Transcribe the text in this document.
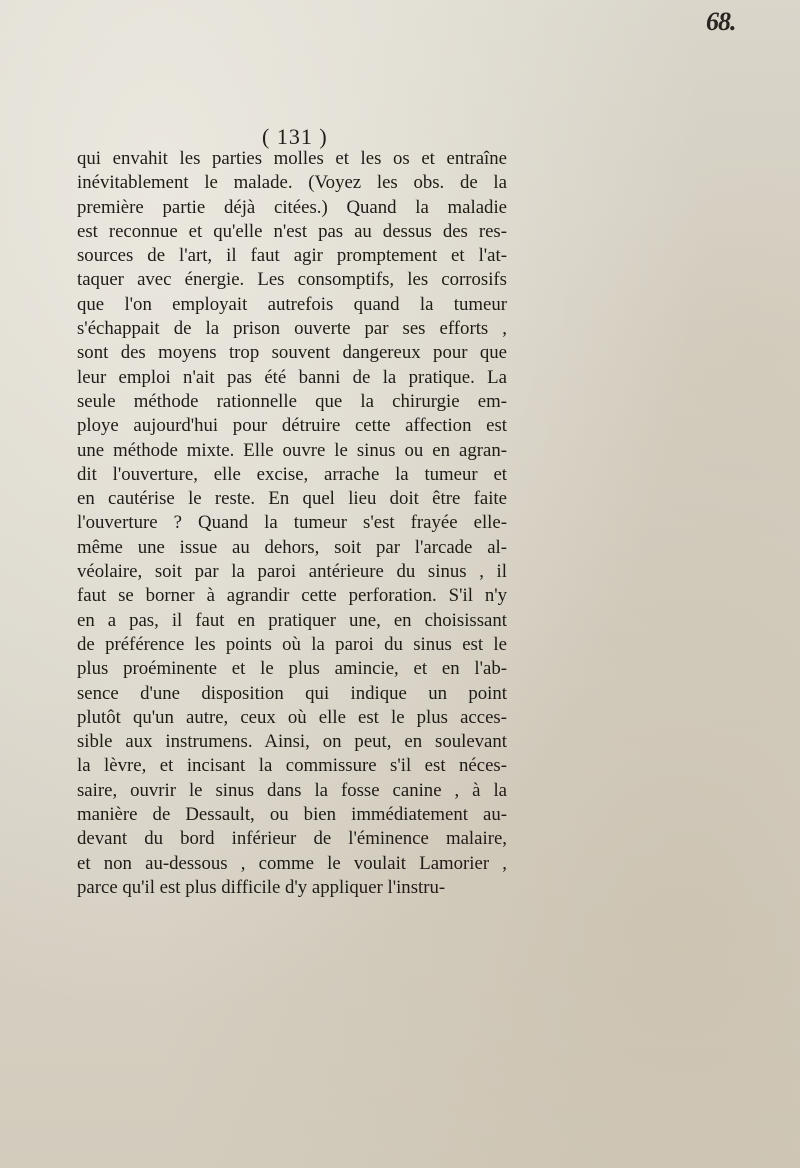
68.
( 131 )
qui envahit les parties molles et les os et entraîne
inévitablement le malade. (Voyez les obs. de la
première partie déjà citées.) Quand la maladie
est reconnue et qu'elle n'est pas au dessus des res-
sources de l'art, il faut agir promptement et l'at-
taquer avec énergie. Les consomptifs, les corrosifs
que l'on employait autrefois quand la tumeur
s'échappait de la prison ouverte par ses efforts ,
sont des moyens trop souvent dangereux pour que
leur emploi n'ait pas été banni de la pratique. La
seule méthode rationnelle que la chirurgie em-
ploye aujourd'hui pour détruire cette affection est
une méthode mixte. Elle ouvre le sinus ou en agran-
dit l'ouverture, elle excise, arrache la tumeur et
en cautérise le reste. En quel lieu doit être faite
l'ouverture ? Quand la tumeur s'est frayée elle-
même une issue au dehors, soit par l'arcade al-
véolaire, soit par la paroi antérieure du sinus , il
faut se borner à agrandir cette perforation. S'il n'y
en a pas, il faut en pratiquer une, en choisissant
de préférence les points où la paroi du sinus est le
plus proéminente et le plus amincie, et en l'ab-
sence d'une disposition qui indique un point
plutôt qu'un autre, ceux où elle est le plus acces-
sible aux instrumens. Ainsi, on peut, en soulevant
la lèvre, et incisant la commissure s'il est néces-
saire, ouvrir le sinus dans la fosse canine , à la
manière de Dessault, ou bien immédiatement au-
devant du bord inférieur de l'éminence malaire,
et non au-dessous , comme le voulait Lamorier ,
parce qu'il est plus difficile d'y appliquer l'instru-
